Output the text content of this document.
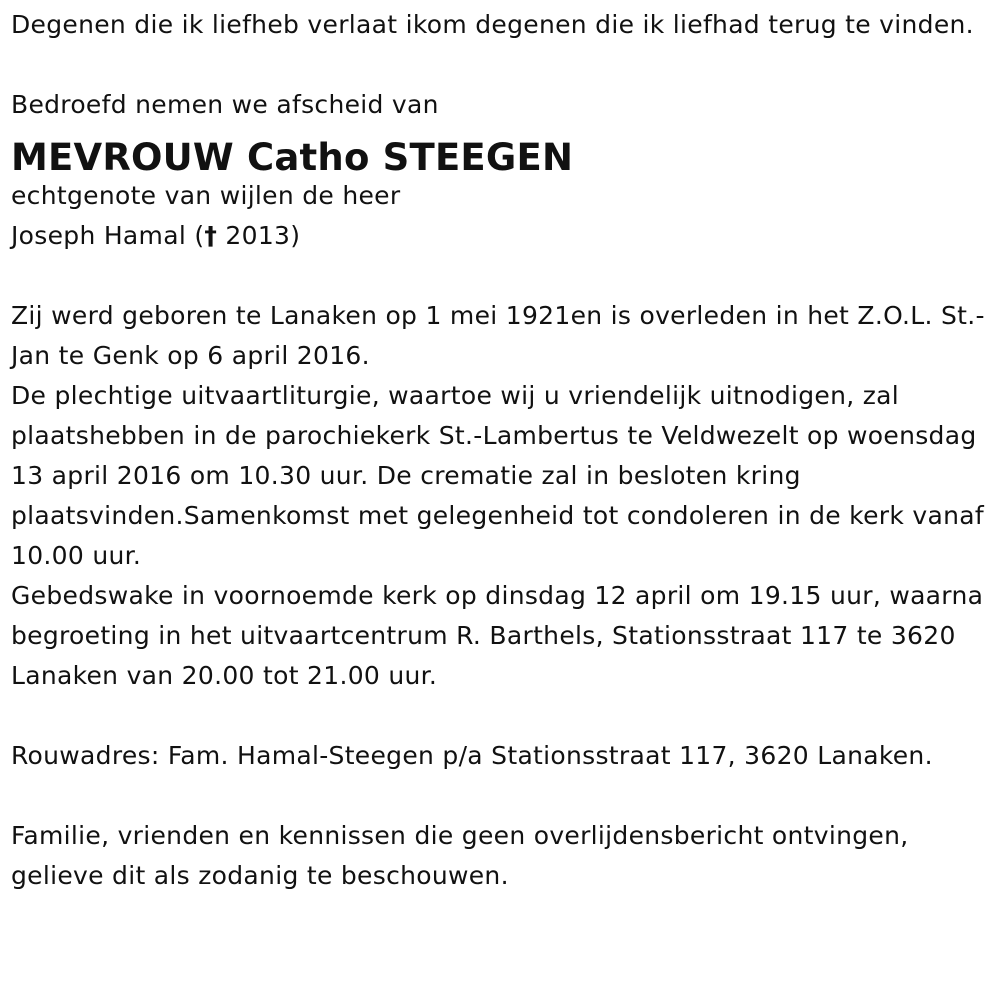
Degenen die ik liefheb verlaat ikom degenen die ik liefhad terug te vinden.

Bedroefd nemen we afscheid van

MEVROUW Catho STEEGEN

echtgenote van wijlen de heer

Joseph Hamal († 2013)

Zij werd geboren te Lanaken op 1 mei 1921en is overleden in het Z.O.L. St.-Jan te Genk op 6 april 2016.

De plechtige uitvaartliturgie, waartoe wij u vriendelijk uitnodigen, zal plaatshebben in de parochiekerk St.-Lambertus te Veldwezelt op woensdag 13 april 2016 om 10.30 uur. De crematie zal in besloten kring plaatsvinden.Samenkomst met gelegenheid tot condoleren in de kerk vanaf 10.00 uur.

Gebedswake in voornoemde kerk op dinsdag 12 april om 19.15 uur, waarna begroeting in het uitvaartcentrum R. Barthels, Stationsstraat 117 te 3620 Lanaken van 20.00 tot 21.00 uur.

Rouwadres: Fam. Hamal-Steegen p/a Stationsstraat 117, 3620 Lanaken.

Familie, vrienden en kennissen die geen overlijdensbericht ontvingen, gelieve dit als zodanig te beschouwen.
